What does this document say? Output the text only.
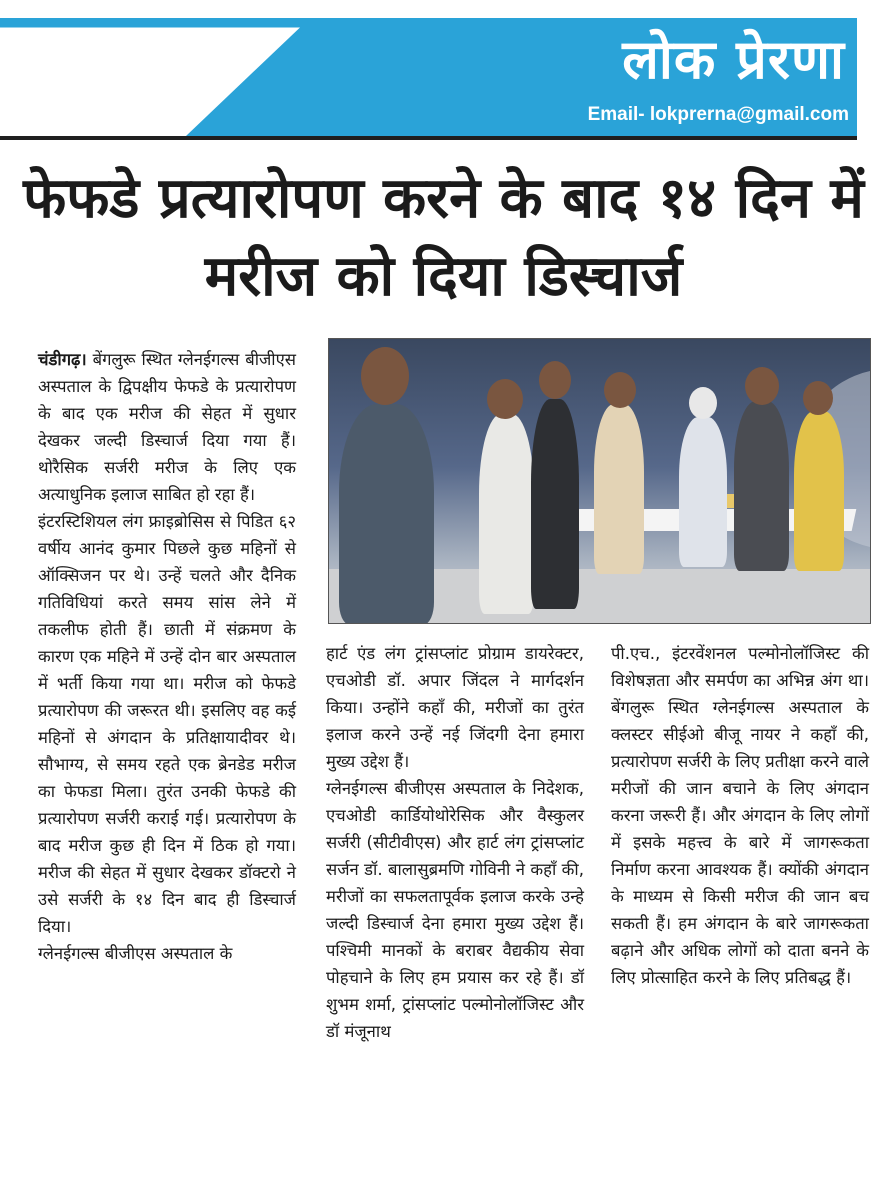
लोक प्रेरणा
Email- lokprerna@gmail.com
फेफडे प्रत्यारोपण करने के बाद १४ दिन में मरीज को दिया डिस्चार्ज

चंडीगढ़। बेंगलुरू स्थित ग्लेनईगल्स बीजीएस अस्पताल के द्विपक्षीय फेफडे के प्रत्यारोपण के बाद एक मरीज की सेहत में सुधार देखकर जल्दी डिस्चार्ज दिया गया हैं। थोरैसिक सर्जरी मरीज के लिए एक अत्याधुनिक इलाज साबित हो रहा हैं।

इंटरस्टिशियल लंग फ्राइब्रोसिस से पिडित ६२ वर्षीय आनंद कुमार पिछले कुछ महिनों से ऑक्सिजन पर थे। उन्हें चलते और दैनिक गतिविधियां करते समय सांस लेने में तकलीफ होती हैं। छाती में संक्रमण के कारण एक महिने में उन्हें दोन बार अस्पताल में भर्ती किया गया था। मरीज को फेफडे प्रत्यारोपण की जरूरत थी। इसलिए वह कई महिनों से अंगदान के प्रतिक्षायादीवर थे। सौभाग्य, से समय रहते एक ब्रेनडेड मरीज का फेफडा मिला। तुरंत उनकी फेफडे की प्रत्यारोपण सर्जरी कराई गई। प्रत्यारोपण के बाद मरीज कुछ ही दिन में ठिक हो गया। मरीज की सेहत में सुधार देखकर डॉक्टरो ने उसे सर्जरी के १४ दिन बाद ही डिस्चार्ज दिया।

ग्लेनईगल्स बीजीएस अस्पताल के

हार्ट एंड लंग ट्रांसप्लांट प्रोग्राम डायरेक्टर, एचओडी डॉ. अपार जिंदल ने मार्गदर्शन किया। उन्होंने कहाँ की, मरीजों का तुरंत इलाज करने उन्हें नई जिंदगी देना हमारा मुख्य उद्देश हैं।

ग्लेनईगल्स बीजीएस अस्पताल के निदेशक, एचओडी कार्डियोथोरेसिक और वैस्कुलर सर्जरी (सीटीवीएस) और हार्ट लंग ट्रांसप्लांट सर्जन डॉ. बालासुब्रमणि गोविनी ने कहाँ की, मरीजों का सफलतापूर्वक इलाज करके उन्हे जल्दी डिस्चार्ज देना हमारा मुख्य उद्देश हैं। पश्चिमी मानकों के बराबर वैद्यकीय सेवा पोहचाने के लिए हम प्रयास कर रहे हैं। डॉ शुभम शर्मा, ट्रांसप्लांट पल्मोनोलॉजिस्ट और डॉ मंजूनाथ

पी.एच., इंटरवेंशनल पल्मोनोलॉजिस्ट की विशेषज्ञता और समर्पण का अभिन्न अंग था। बेंगलुरू स्थित ग्लेनईगल्स अस्पताल के क्लस्टर सीईओ बीजू नायर ने कहाँ की, प्रत्यारोपण सर्जरी के लिए प्रतीक्षा करने वाले मरीजों की जान बचाने के लिए अंगदान करना जरूरी हैं। और अंगदान के लिए लोगों में इसके महत्त्व के बारे में जागरूकता निर्माण करना आवश्यक हैं। क्योंकी अंगदान के माध्यम से किसी मरीज की जान बच सकती हैं। हम अंगदान के बारे जागरूकता बढ़ाने और अधिक लोगों को दाता बनने के लिए प्रोत्साहित करने के लिए प्रतिबद्ध हैं।
